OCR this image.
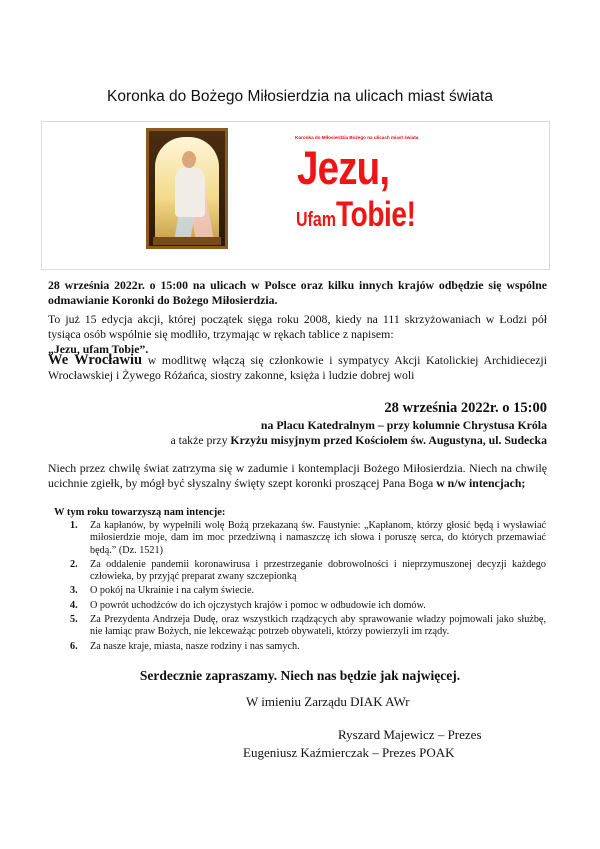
Koronka do Bożego Miłosierdzia na ulicach miast świata
Koronka do Miłosierdzia Bożego na ulicach miast świata
Jezu,
UfamTobie!
28 września 2022r. o 15:00 na ulicach w Polsce oraz kilku innych krajów odbędzie się wspólne odmawianie Koronki do Bożego Miłosierdzia.
To już 15 edycja akcji, której początek sięga roku 2008, kiedy na 111 skrzyżowaniach w Łodzi pół tysiąca osób wspólnie się modliło, trzymając w rękach tablice z napisem:
„Jezu, ufam Tobie”.
We Wrocławiu w modlitwę włączą się członkowie i sympatycy Akcji Katolickiej Archidiecezji Wrocławskiej i Żywego Różańca, siostry zakonne, księża i ludzie dobrej woli
28 września 2022r. o 15:00
na Placu Katedralnym – przy kolumnie Chrystusa Króla
a także przy Krzyżu misyjnym przed Kościołem św. Augustyna, ul. Sudecka
Niech przez chwilę świat zatrzyma się w zadumie i kontemplacji Bożego Miłosierdzia. Niech na chwilę ucichnie zgiełk, by mógł być słyszalny święty szept koronki proszącej Pana Boga w n/w intencjach;
W tym roku towarzyszą nam intencje:
1. Za kapłanów, by wypełnili wolę Bożą przekazaną św. Faustynie: „Kapłanom, którzy głosić będą i wysławiać miłosierdzie moje, dam im moc przedziwną i namaszczę ich słowa i poruszę serca, do których przemawiać będą.” (Dz. 1521)
2. Za oddalenie pandemii koronawirusa i przestrzeganie dobrowolności i nieprzymuszonej decyzji każdego człowieka, by przyjąć preparat zwany szczepionką
3. O pokój na Ukrainie i na całym świecie.
4. O powrót uchodźców do ich ojczystych krajów i pomoc w odbudowie ich domów.
5. Za Prezydenta Andrzeja Dudę, oraz wszystkich rządzących aby sprawowanie władzy pojmowali jako służbę, nie łamiąc praw Bożych, nie lekceważąc potrzeb obywateli, którzy powierzyli im rządy.
6. Za nasze kraje, miasta, nasze rodziny i nas samych.
Serdecznie zapraszamy. Niech nas będzie jak najwięcej.
W imieniu Zarządu DIAK AWr
Ryszard Majewicz – Prezes
Eugeniusz Kaźmierczak – Prezes POAK
